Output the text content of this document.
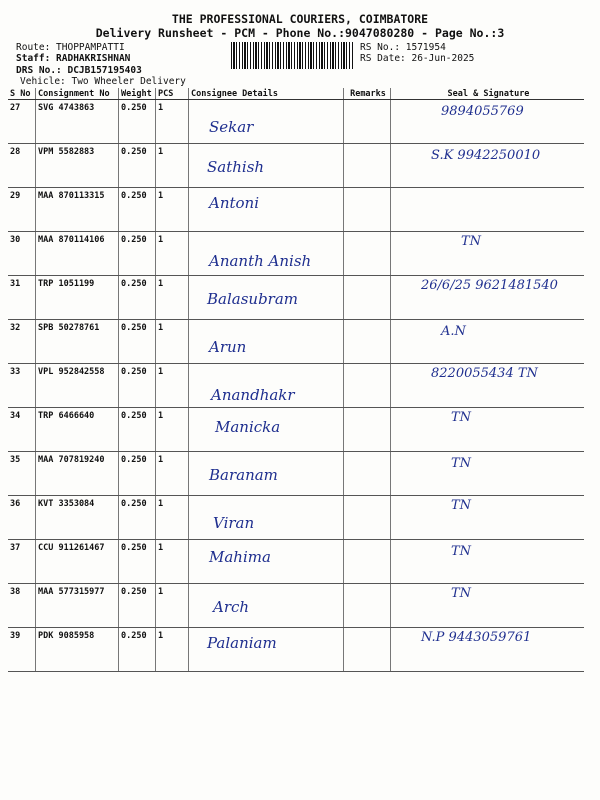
THE PROFESSIONAL COURIERS, COIMBATORE
Delivery Runsheet - PCM - Phone No.:9047080280 - Page No.:3
Route: THOPPAMPATTI
Staff: RADHAKRISHNAN
DRS No.: DCJB157195403
Vehicle: Two Wheeler Delivery
RS No.: 1571954
RS Date: 26-Jun-2025
S No	Consignment No	Weight	PCS	Consignee Details	Remarks	Seal & Signature
27	SVG 4743863	0.250	1	Sekar		9894055769

28	VPM 5582883	0.250	1	Sathish		S.K 9942250010

29	MAA 870113315	0.250	1	Antoni		

30	MAA 870114106	0.250	1	Ananth Anish		TN

31	TRP 1051199	0.250	1	Balasubram		26/6/25 9621481540

32	SPB 50278761	0.250	1	Arun		A.N

33	VPL 952842558	0.250	1	Anandhakr		8220055434 TN

34	TRP 6466640	0.250	1	Manicka		TN

35	MAA 707819240	0.250	1	Baranam		TN

36	KVT 3353084	0.250	1	Viran		TN

37	CCU 911261467	0.250	1	Mahima		TN

38	MAA 577315977	0.250	1	Arch		TN

39	PDK 9085958	0.250	1	Palaniam		N.P 9443059761
